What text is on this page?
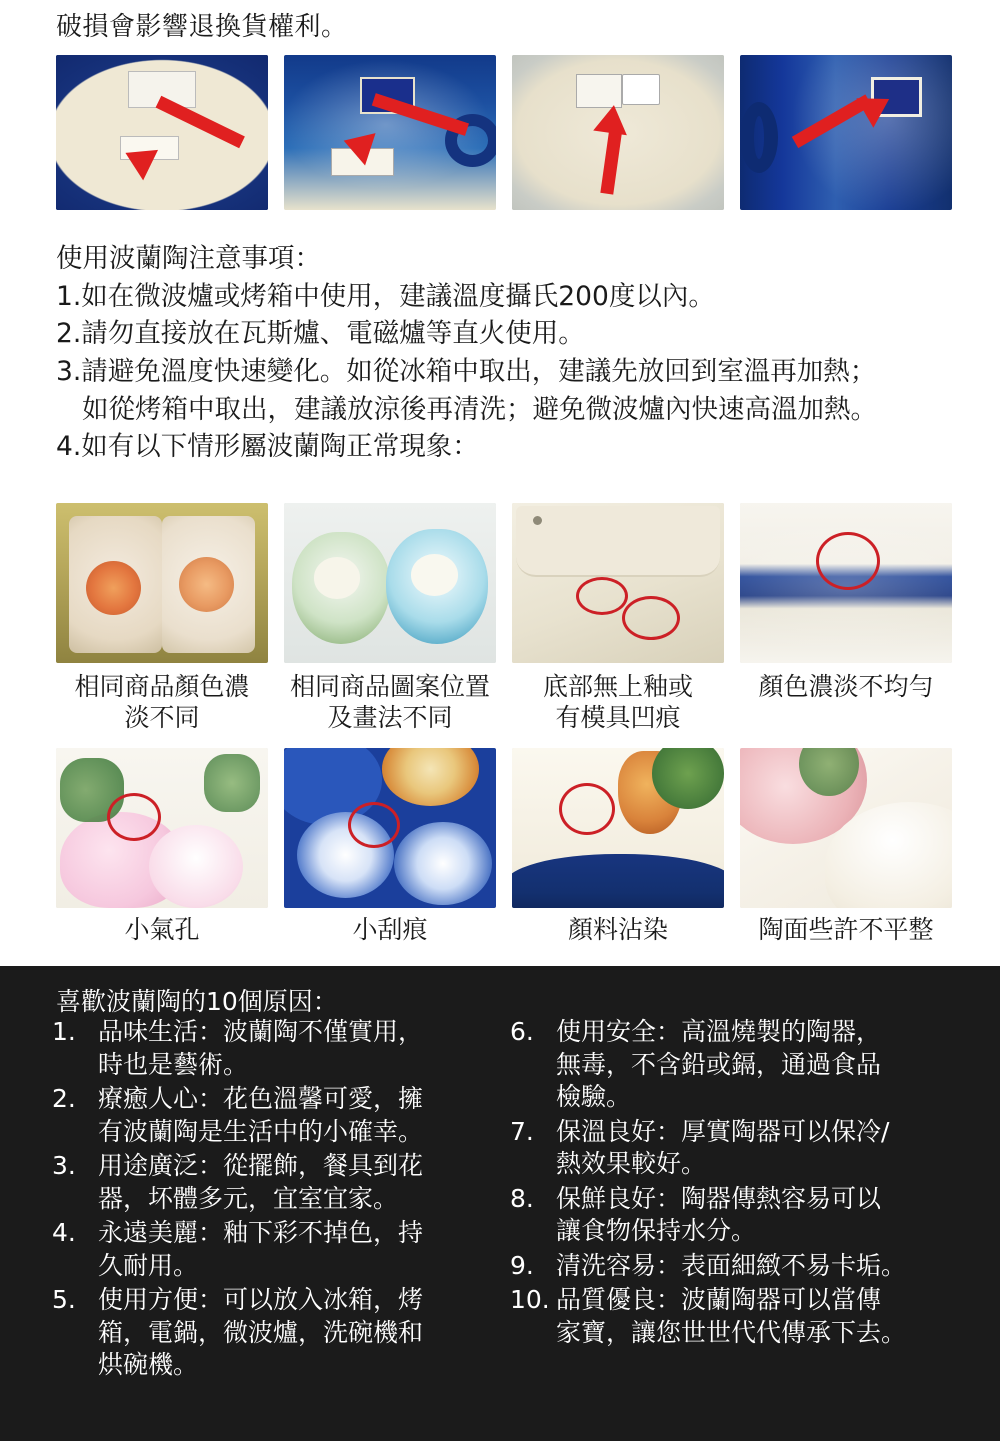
破損會影響退換貨權利。
使用波蘭陶注意事項：
1.如在微波爐或烤箱中使用，建議溫度攝氏200度以內。
2.請勿直接放在瓦斯爐、電磁爐等直火使用。
3.請避免溫度快速變化。如從冰箱中取出，建議先放回到室溫再加熱；
如從烤箱中取出，建議放涼後再清洗；避免微波爐內快速高溫加熱。
4.如有以下情形屬波蘭陶正常現象：
相同商品顏色濃
淡不同
相同商品圖案位置
及畫法不同
底部無上釉或
有模具凹痕
顏色濃淡不均勻
小氣孔	小刮痕	顏料沾染	陶面些許不平整
喜歡波蘭陶的10個原因：
1. 品味生活：波蘭陶不僅實用，
時也是藝術。
2. 療癒人心：花色溫馨可愛，擁
有波蘭陶是生活中的小確幸。
3. 用途廣泛：從擺飾，餐具到花
器，坏體多元，宜室宜家。
4. 永遠美麗：釉下彩不掉色，持
久耐用。
5. 使用方便：可以放入冰箱，烤
箱，電鍋，微波爐，洗碗機和
烘碗機。
6. 使用安全：高溫燒製的陶器，
無毒，不含鉛或鎘，通過食品
檢驗。
7. 保溫良好：厚實陶器可以保冷/
熱效果較好。
8. 保鮮良好：陶器傳熱容易可以
讓食物保持水分。
9. 清洗容易：表面細緻不易卡垢。
10. 品質優良：波蘭陶器可以當傳
家寶，讓您世世代代傳承下去。
